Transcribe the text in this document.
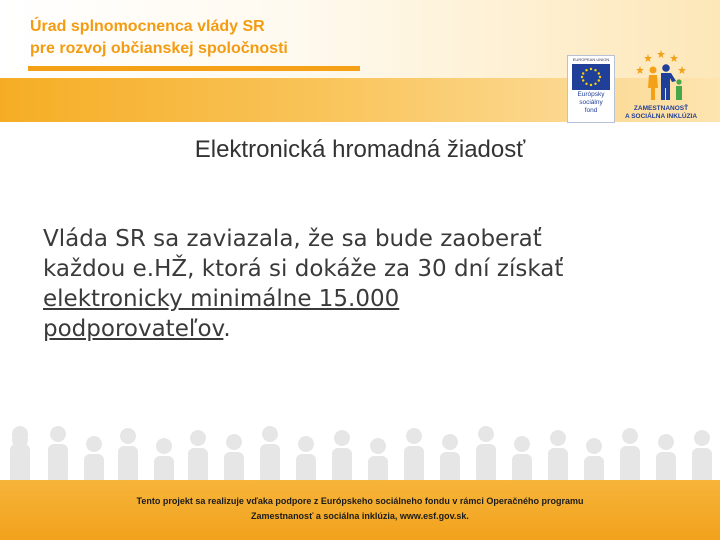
Úrad splnomocnenca vlády SR
pre rozvoj občianskej spoločnosti
EUROPEAN UNION
Európsky
sociálny
fond	ZAMESTNANOSŤ
A SOCIÁLNA INKLÚZIA
Elektronická hromadná žiadosť
Vláda SR sa zaviazala, že sa bude zaoberať
každou e.HŽ, ktorá si dokáže za 30 dní získať
elektronicky minimálne 15.000
podporovateľov.
Tento projekt sa realizuje vďaka podpore z Európskeho sociálneho fondu v rámci Operačného programu
Zamestnanosť a sociálna inklúzia, www.esf.gov.sk.
